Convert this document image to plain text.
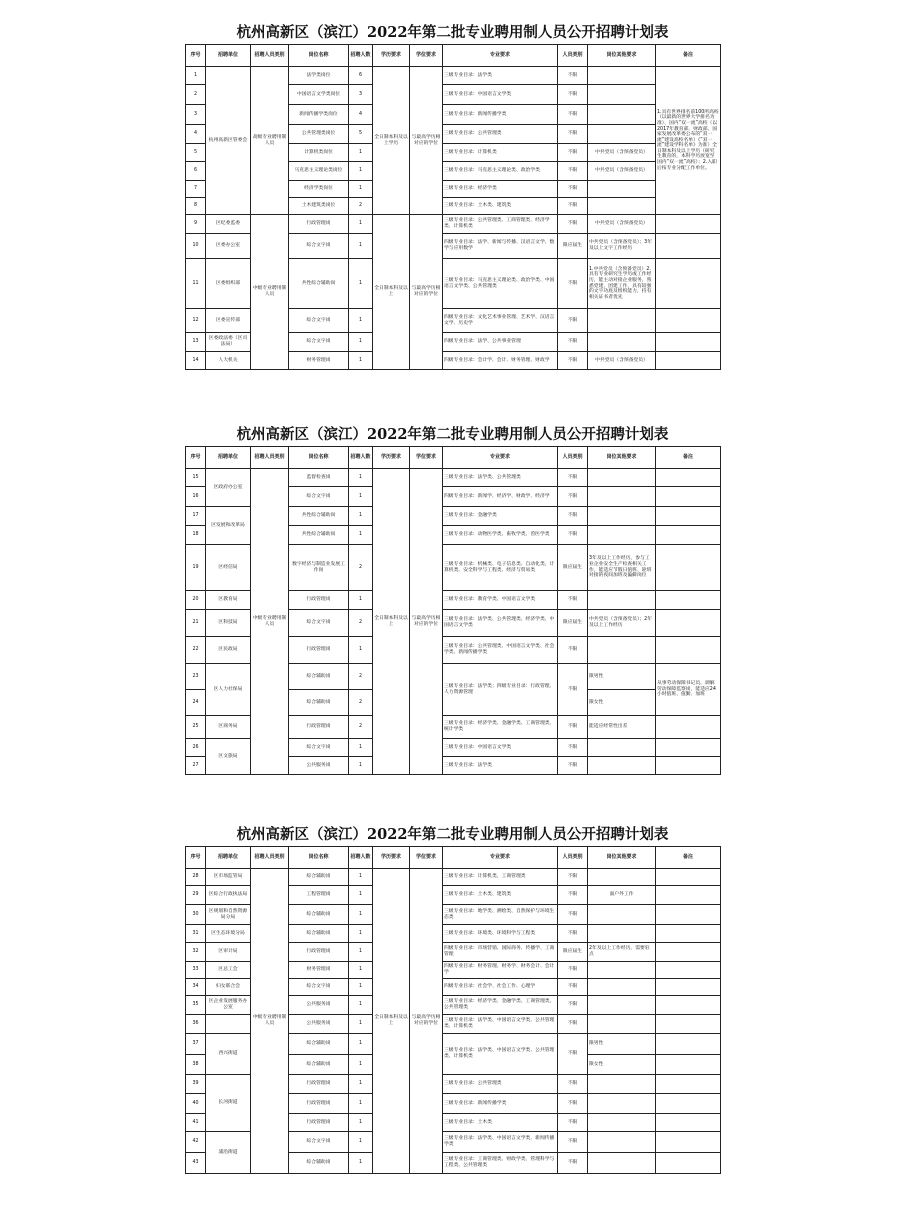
杭州高新区（滨江）2022年第二批专业聘用制人员公开招聘计划表
序号	招聘单位	招聘人员类别	岗位名称	招聘人数	学历要求	学位要求	专业要求	人员类别	岗位其他要求	备注
1	杭州高新区管委会	高级专业聘用制人员	法学类岗位	6	全日制本科及以上学历	与最高学历相对应的学位	三级专业目录：法学类	不限		1.具有世界排名前100所高校（以最新的世界大学排名为准）、国内“双一流”高校（以2017年教育部、财政部、国家发展改革委公布的“双一流”建设高校名单）《“双一流”建设学科名单》为准）全日制本科及以上学历（研究生教育的，本科学历放宽至国内“双一流”高校）；2.入职后按专业分配工作单位。
2			中国语言文学类岗位	3			三级专业目录：中国语言文学类	不限		
3			新闻传播学类岗位	4			三级专业目录：新闻传播学类	不限		
4			公共管理类岗位	5			三级专业目录：公共管理类	不限		
5			计算机类岗位	1			三级专业目录：计算机类	不限	中共党员（含预备党员）	
6			马克思主义理论类岗位	1			三级专业目录：马克思主义理论类、政治学类	不限	中共党员（含预备党员）	
7			经济学类岗位	1			三级专业目录：经济学类	不限		
8			土木建筑类岗位	2			三级专业目录：土木类、建筑类	不限		
9	区纪委监委	中级专业聘用制人员	行政管理岗	1	全日制本科及以上	与最高学历相对应的学位	三级专业目录：公共管理类、工商管理类、经济学类、计算机类	不限	中共党员（含预备党员）	
10	区委办公室		综合文字岗	1			四级专业目录：法学、新闻与传播、汉语言文学、数学与应用数学	限应届生	中共党员（含预备党员）；3年及以上文字工作经历	
11	区委组织部		共性综合辅助岗	1			三级专业目录：马克思主义理论类、政治学类、中国语言文学类、公共管理类	不限	1.中共党员（含预备党员）2.具有专业研究生学历或工作经历，能主动对接企业服务，熟悉党建、团建工作，具有较强的文字功底及组织能力，持有相关证书者优先	
12	区委宣传部		综合文字岗	1			四级专业目录：文化艺术事业管理、艺术学、汉语言文学、历史学	不限		
13	区委政法委（区司法局）		综合文字岗	1			四级专业目录：法学、公共事业管理	不限		
14	人大机关		财务管理岗	1			四级专业目录：会计学、会计、财务管理、财政学	不限	中共党员（含预备党员）	
杭州高新区（滨江）2022年第二批专业聘用制人员公开招聘计划表
序号	招聘单位	招聘人员类别	岗位名称	招聘人数	学历要求	学位要求	专业要求	人员类别	岗位其他要求	备注
15	区政府办公室	中级专业聘用制人员	监督检查岗	1	全日制本科及以上	与最高学历相对应的学位	三级专业目录：法学类、公共管理类	不限		
16			综合文字岗	1			四级专业目录：新闻学、经济学、财政学、经济学	不限		
17	区发展和改革局		共性综合辅助岗	1			三级专业目录：金融学类	不限		
18			共性综合辅助岗	1			三级专业目录：动物医学类、畜牧学类、兽医学类	不限		
19	区经信局		数字经济与制造业发展工作岗	2			三级专业目录：机械类、电子信息类、自动化类、计算机类、安全科学与工程类、经济与贸易类	限应届生	3年及以上工作经历，参与工业企业安全生产检查相关工作，能适应节假日值班、轮班对接的夜间加班及偏僻岗位	
20	区教育局		行政管理岗	1			三级专业目录：教育学类、中国语言文学类	不限		
21	区科技局		综合文字岗	2			三级专业目录：法学类、公共管理类、经济学类、中国语言文学类	限应届生	中共党员（含预备党员）；2年及以上工作经历	
22	区民政局		行政管理岗	1			三级专业目录：公共管理类、中国语言文学类、社会学类、新闻传播学类	不限		
23	区人力社保局		综合辅助岗	2			三级专业目录：法学类；四级专业目录：行政管理、人力资源管理	不限	限男性	从事劳动保障书记员、调解劳动保障监察岗，能适应24小时值班、值勤、加班
24			综合辅助岗	2					限女性	
25	区商务局		行政管理岗	2			三级专业目录：经济学类、金融学类、工商管理类、统计学类	不限	能适应经常性出差	
26	区文旅局		综合文字岗	1			三级专业目录：中国语言文学类	不限		
27			公共服务岗	1			三级专业目录：法学类	不限		
杭州高新区（滨江）2022年第二批专业聘用制人员公开招聘计划表
序号	招聘单位	招聘人员类别	岗位名称	招聘人数	学历要求	学位要求	专业要求	人员类别	岗位其他要求	备注
28	区市场监管局	中级专业聘用制人员	综合辅助岗	1	全日制本科及以上	与最高学历相对应的学位	三级专业目录：计算机类，工商管理类	不限		
29	区综合行政执法局		工程管理岗	1			三级专业目录：土木类、建筑类	不限	面户外工作	
30	区规划和自然资源局分局		综合辅助岗	1			三级专业目录：地学类、测绘类、自然保护与环境生态类	不限		
31	区生态环境分局		综合辅助岗	1			三级专业目录：环境类、环境科学与工程类	不限		
32	区审计局		行政管理岗	1			四级专业目录：市场营销、国际商务、传播学、工商管理	限应届生	2年及以上工作经历，需要驻点	
33	区总工会		财务管理岗	1			四级专业目录：财务管理、财务学、财务会计、会计学	不限		
34	妇女联合会		综合文字岗	1			四级专业目录：社会学、社会工作、心理学	不限		
35	区企业发展服务办公室		公共服务岗	1			三级专业目录：经济学类、金融学类、工商管理类、公共管理类	不限		
36			公共服务岗	1			三级专业目录：法学类、中国语言文学类、公共管理类、计算机类	不限		
37	西兴街道		综合辅助岗	1			三级专业目录：法学类、中国语言文学类、公共管理类、计算机类	不限	限男性	
38			综合辅助岗	1					限女性	
39	长河街道		行政管理岗	1			三级专业目录：公共管理类	不限		
40			行政管理岗	1			三级专业目录：新闻传播学类	不限		
41			行政管理岗	1			三级专业目录：土木类	不限		
42	浦沿街道		综合文字岗	1			三级专业目录：法学类、中国语言文学类、新闻传播学类	不限		
43			综合辅助岗	1			三级专业目录：工商管理类、财政学类、管理科学与工程类、公共管理类	不限		
